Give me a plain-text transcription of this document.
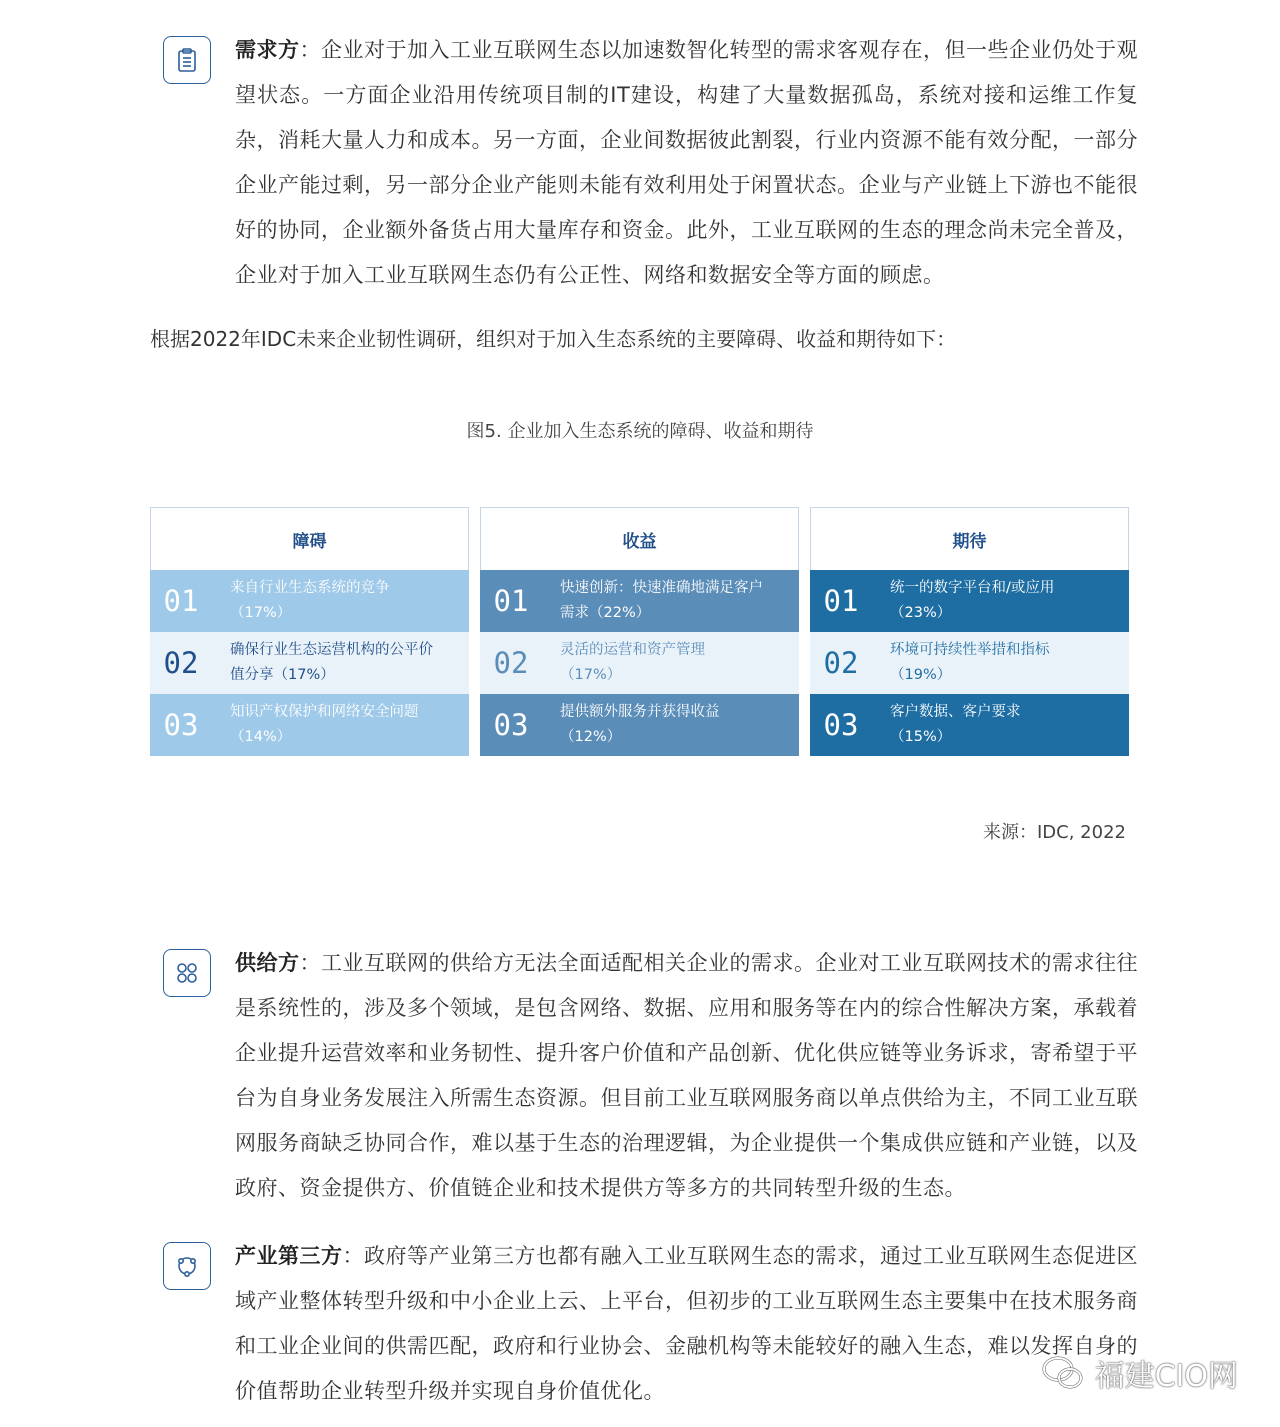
需求方：企业对于加入工业互联网生态以加速数智化转型的需求客观存在，但一些企业仍处于观望状态。一方面企业沿用传统项目制的IT建设，构建了大量数据孤岛，系统对接和运维工作复杂，消耗大量人力和成本。另一方面，企业间数据彼此割裂，行业内资源不能有效分配，一部分企业产能过剩，另一部分企业产能则未能有效利用处于闲置状态。企业与产业链上下游也不能很好的协同，企业额外备货占用大量库存和资金。此外，工业互联网的生态的理念尚未完全普及，企业对于加入工业互联网生态仍有公正性、网络和数据安全等方面的顾虑。
根据2022年IDC未来企业韧性调研，组织对于加入生态系统的主要障碍、收益和期待如下：
图5. 企业加入生态系统的障碍、收益和期待
障碍
01	来自行业生态系统的竞争
（17%）
02	确保行业生态运营机构的公平价
值分享（17%）
03	知识产权保护和网络安全问题
（14%）
收益
01	快速创新：快速准确地满足客户
需求（22%）
02	灵活的运营和资产管理
（17%）
03	提供额外服务并获得收益
（12%）
期待
01	统一的数字平台和/或应用
（23%）
02	环境可持续性举措和指标
（19%）
03	客户数据、客户要求
（15%）
来源：IDC, 2022
供给方：工业互联网的供给方无法全面适配相关企业的需求。企业对工业互联网技术的需求往往是系统性的，涉及多个领域，是包含网络、数据、应用和服务等在内的综合性解决方案，承载着企业提升运营效率和业务韧性、提升客户价值和产品创新、优化供应链等业务诉求，寄希望于平台为自身业务发展注入所需生态资源。但目前工业互联网服务商以单点供给为主，不同工业互联网服务商缺乏协同合作，难以基于生态的治理逻辑，为企业提供一个集成供应链和产业链，以及政府、资金提供方、价值链企业和技术提供方等多方的共同转型升级的生态。
产业第三方：政府等产业第三方也都有融入工业互联网生态的需求，通过工业互联网生态促进区域产业整体转型升级和中小企业上云、上平台，但初步的工业互联网生态主要集中在技术服务商和工业企业间的供需匹配，政府和行业协会、金融机构等未能较好的融入生态，难以发挥自身的价值帮助企业转型升级并实现自身价值优化。	福建CIO网
